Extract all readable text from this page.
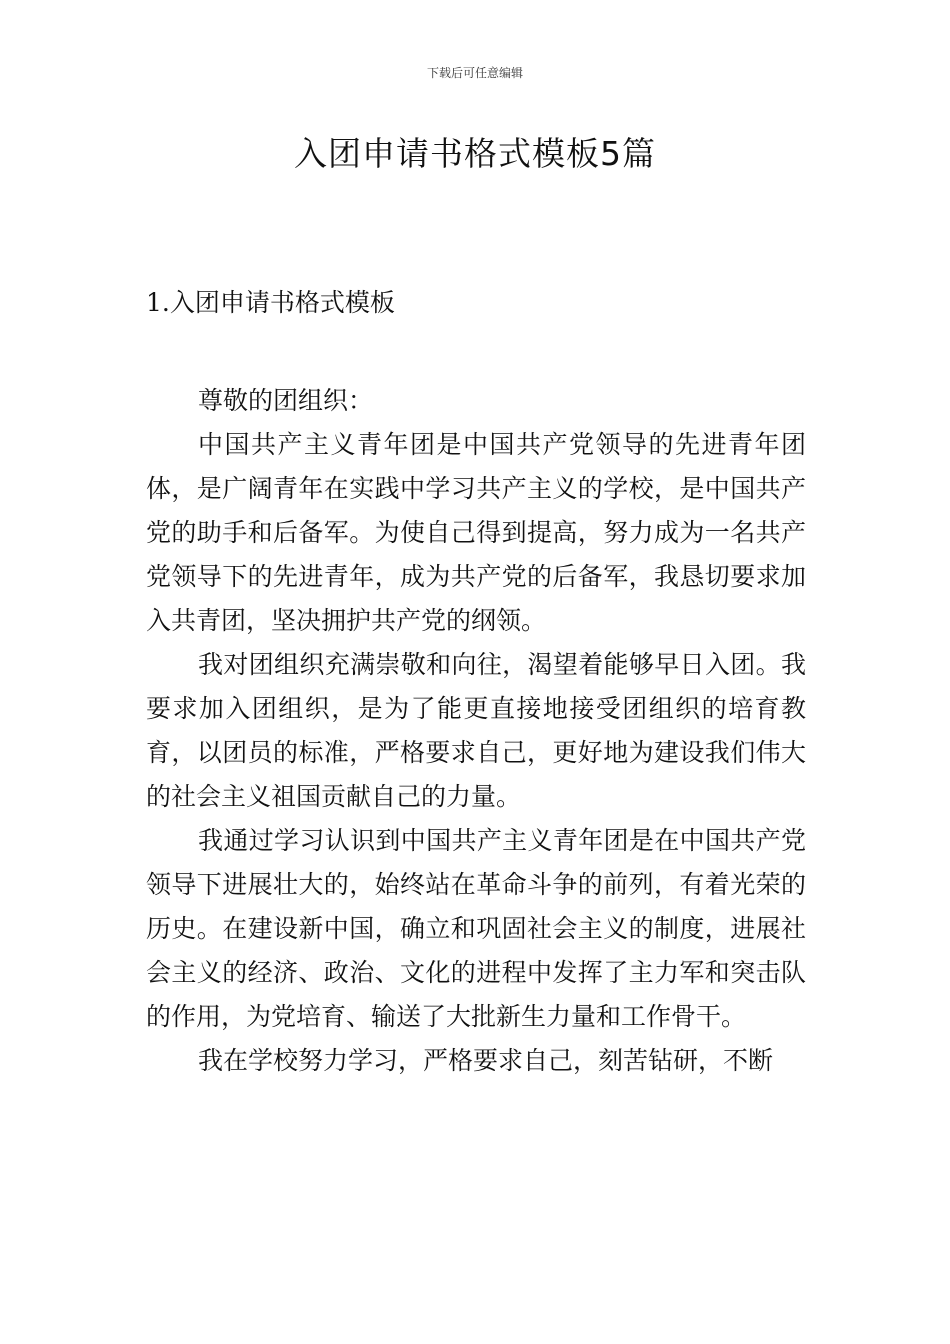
下载后可任意编辑
入团申请书格式模板5篇
1.入团申请书格式模板
尊敬的团组织：

中国共产主义青年团是中国共产党领导的先进青年团体，是广阔青年在实践中学习共产主义的学校，是中国共产党的助手和后备军。为使自己得到提高，努力成为一名共产党领导下的先进青年，成为共产党的后备军，我恳切要求加入共青团，坚决拥护共产党的纲领。

我对团组织充满崇敬和向往，渴望着能够早日入团。我要求加入团组织，是为了能更直接地接受团组织的培育教育，以团员的标准，严格要求自己，更好地为建设我们伟大的社会主义祖国贡献自己的力量。

我通过学习认识到中国共产主义青年团是在中国共产党领导下进展壮大的，始终站在革命斗争的前列，有着光荣的历史。在建设新中国，确立和巩固社会主义的制度，进展社会主义的经济、政治、文化的进程中发挥了主力军和突击队的作用，为党培育、输送了大批新生力量和工作骨干。

我在学校努力学习，严格要求自己，刻苦钻研，不断
